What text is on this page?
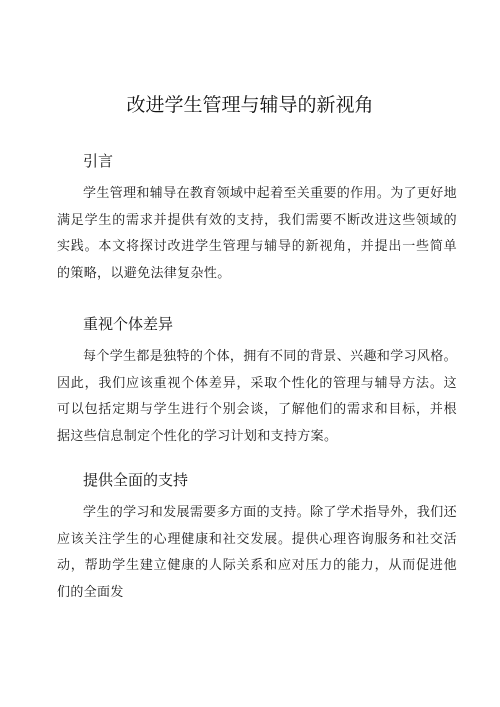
改进学生管理与辅导的新视角
引言

学生管理和辅导在教育领域中起着至关重要的作用。为了更好地满足学生的需求并提供有效的支持，我们需要不断改进这些领域的实践。本文将探讨改进学生管理与辅导的新视角，并提出一些简单的策略，以避免法律复杂性。

重视个体差异

每个学生都是独特的个体，拥有不同的背景、兴趣和学习风格。因此，我们应该重视个体差异，采取个性化的管理与辅导方法。这可以包括定期与学生进行个别会谈，了解他们的需求和目标，并根据这些信息制定个性化的学习计划和支持方案。

提供全面的支持

学生的学习和发展需要多方面的支持。除了学术指导外，我们还应该关注学生的心理健康和社交发展。提供心理咨询服务和社交活动，帮助学生建立健康的人际关系和应对压力的能力，从而促进他们的全面发
